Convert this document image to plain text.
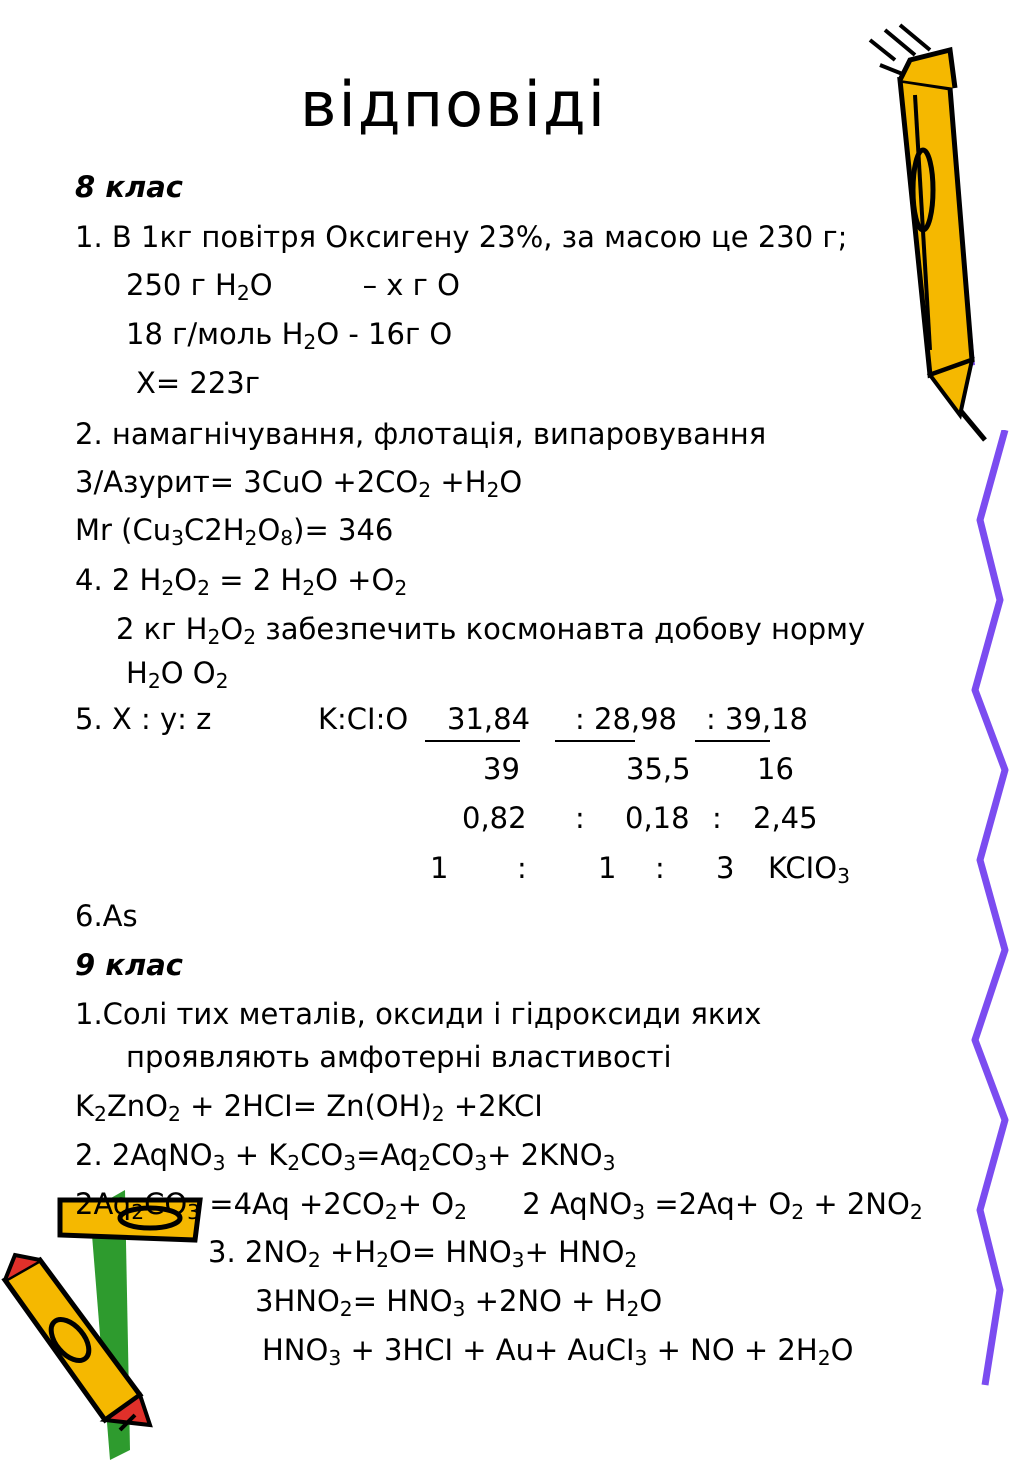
відповіді
8 клас
1. В 1кг повітря Оксигену 23%, за масою це 230 г;
250 г $H_2O$	– х г О
18 г/моль $H_2O - 16г$ О
Х= 223г
2. намагнічування, флотація, випаровування
3/Азурит= $3CuO +2CO_2 +H_2O$
Mr $(Cu_3C2H_2O_8)= 346$
4. 2 $H_2O_2 = 2$ $H_2O +O_2$
2 кг $H_2O_2$ забезпечить космонавта добову норму
$H_2O$ $O_2$
5. X : у: z	K:CI:O 31,84 : 28,98 : 39,18
39	35,5 16
0,82 : 0,18 : 2,45
1 : 1 : 3 $KCIO_3$
6.As
9 клас
1.Солі тих металів, оксиди і гідроксиди яких
проявляють амфотерні властивості
$K_2ZnO_2 + 2HCI= Zn(OH)_2 +2KCI$
2. 2AqNO$_3$ + $K_2CO_3=Aq_2CO_3+ 2KNO_3$
$2Aq_2CO_3 =4Aq +2CO_2+ O_2$      2 AqNO$_3$ $=2Aq+ O_2 + 2NO_2$
3. $2NO_2 +H_2O= HNO_3+ HNO_2$
$3HNO_2= HNO_3 +2NO + H_2O$
$HNO_3 + 3HCI + Au+$ AuCI$_3$ + NO + $2H_2O$
